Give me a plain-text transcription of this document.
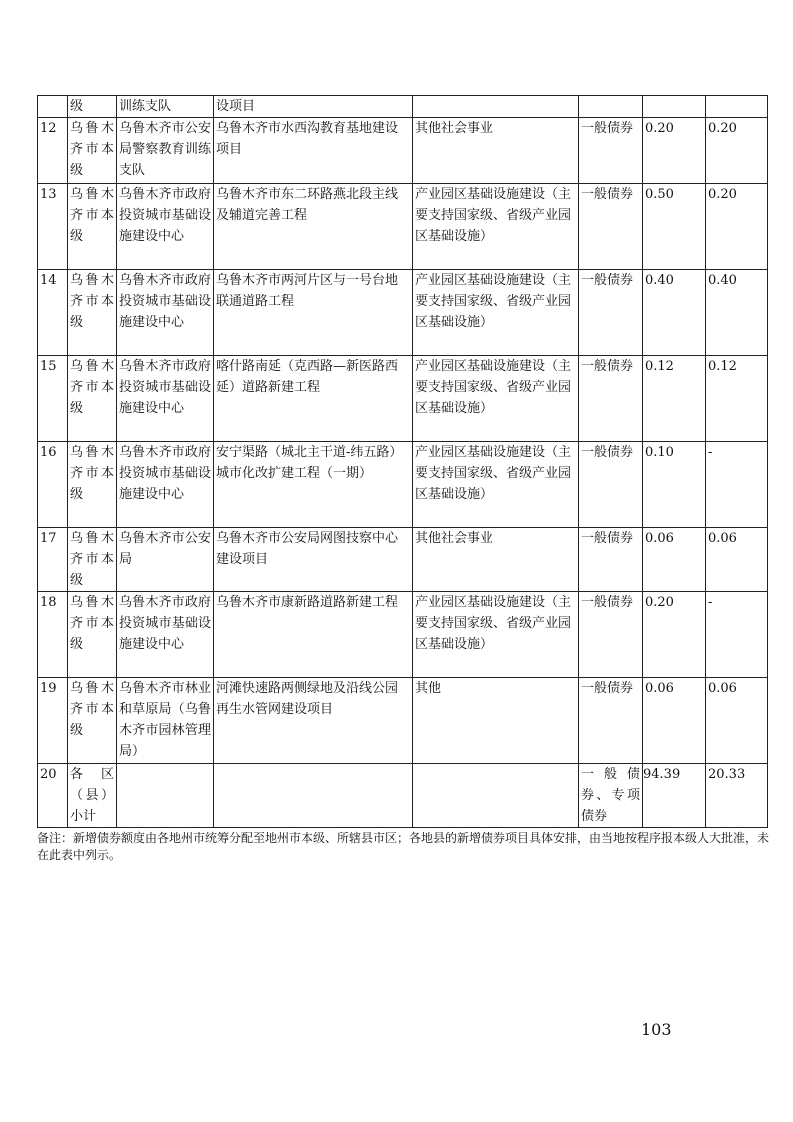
	级	训练支队	设项目				
12	乌鲁木齐市本级	乌鲁木齐市公安局警察教育训练支队	乌鲁木齐市水西沟教育基地建设项目	其他社会事业	一般债券	0.20	0.20
13	乌鲁木齐市本级	乌鲁木齐市政府投资城市基础设施建设中心	乌鲁木齐市东二环路燕北段主线及辅道完善工程	产业园区基础设施建设（主要支持国家级、省级产业园区基础设施）	一般债券	0.50	0.20
14	乌鲁木齐市本级	乌鲁木齐市政府投资城市基础设施建设中心	乌鲁木齐市两河片区与一号台地联通道路工程	产业园区基础设施建设（主要支持国家级、省级产业园区基础设施）	一般债券	0.40	0.40
15	乌鲁木齐市本级	乌鲁木齐市政府投资城市基础设施建设中心	喀什路南延（克西路—新医路西延）道路新建工程	产业园区基础设施建设（主要支持国家级、省级产业园区基础设施）	一般债券	0.12	0.12
16	乌鲁木齐市本级	乌鲁木齐市政府投资城市基础设施建设中心	安宁渠路（城北主干道-纬五路）城市化改扩建工程（一期）	产业园区基础设施建设（主要支持国家级、省级产业园区基础设施）	一般债券	0.10	-
17	乌鲁木齐市本级	乌鲁木齐市公安局	乌鲁木齐市公安局网图技察中心建设项目	其他社会事业	一般债券	0.06	0.06
18	乌鲁木齐市本级	乌鲁木齐市政府投资城市基础设施建设中心	乌鲁木齐市康新路道路新建工程	产业园区基础设施建设（主要支持国家级、省级产业园区基础设施）	一般债券	0.20	-
19	乌鲁木齐市本级	乌鲁木齐市林业和草原局（乌鲁木齐市园林管理局）	河滩快速路两侧绿地及沿线公园再生水管网建设项目	其他	一般债券	0.06	0.06
20	各区（县）小计				一般债券、专项债券	94.39	20.33
备注：新增债券额度由各地州市统筹分配至地州市本级、所辖县市区；各地县的新增债券项目具体安排，由当地按程序报本级人大批准，未在此表中列示。
103
